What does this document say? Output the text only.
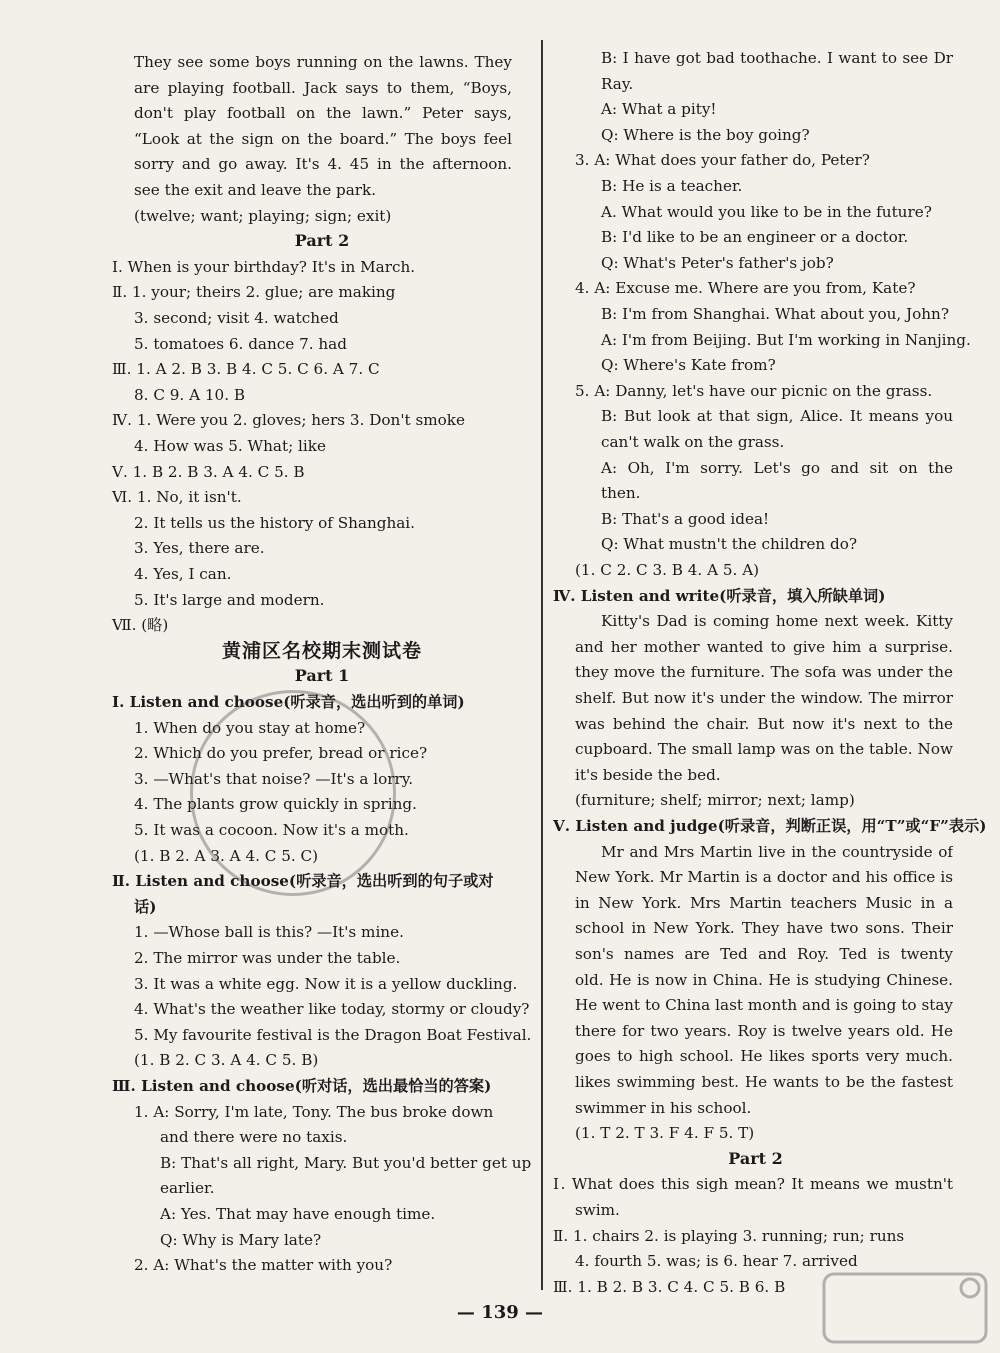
They see some boys running on the lawns. They
are playing football. Jack says to them, “Boys,
don't play football on the lawn.” Peter says,
“Look at the sign on the board.” The boys feel
sorry and go away. It's 4. 45 in the afternoon.
see the exit and leave the park.
(twelve; want; playing; sign; exit)
Part 2
Ⅰ. When is your birthday? It's in March.
Ⅱ. 1. your; theirs 2. glue; are making
3. second; visit 4. watched
5. tomatoes 6. dance 7. had
Ⅲ. 1. A 2. B 3. B 4. C 5. C 6. A 7. C
8. C 9. A 10. B
Ⅳ. 1. Were you 2. gloves; hers 3. Don't smoke
4. How was 5. What; like
Ⅴ. 1. B 2. B 3. A 4. C 5. B
Ⅵ. 1. No, it isn't.
2. It tells us the history of Shanghai.
3. Yes, there are.
4. Yes, I can.
5. It's large and modern.
Ⅶ. (略)
黄浦区名校期末测试卷
Part 1
Ⅰ. Listen and choose(听录音，选出听到的单词)
1. When do you stay at home?
2. Which do you prefer, bread or rice?
3. —What's that noise? —It's a lorry.
4. The plants grow quickly in spring.
5. It was a cocoon. Now it's a moth.
(1. B 2. A 3. A 4. C 5. C)
Ⅱ. Listen and choose(听录音，选出听到的句子或对
话)
1. —Whose ball is this? —It's mine.
2. The mirror was under the table.
3. It was a white egg. Now it is a yellow duckling.
4. What's the weather like today, stormy or cloudy?
5. My favourite festival is the Dragon Boat Festival.
(1. B 2. C 3. A 4. C 5. B)
Ⅲ. Listen and choose(听对话，选出最恰当的答案)
1. A: Sorry, I'm late, Tony. The bus broke down
and there were no taxis.
B: That's all right, Mary. But you'd better get up
earlier.
A: Yes. That may have enough time.
Q: Why is Mary late?
2. A: What's the matter with you?
B: I have got bad toothache. I want to see Dr
Ray.
A: What a pity!
Q: Where is the boy going?
3. A: What does your father do, Peter?
B: He is a teacher.
A. What would you like to be in the future?
B: I'd like to be an engineer or a doctor.
Q: What's Peter's father's job?
4. A: Excuse me. Where are you from, Kate?
B: I'm from Shanghai. What about you, John?
A: I'm from Beijing. But I'm working in Nanjing.
Q: Where's Kate from?
5. A: Danny, let's have our picnic on the grass.
B: But look at that sign, Alice. It means you
can't walk on the grass.
A: Oh, I'm sorry. Let's go and sit on the
then.
B: That's a good idea!
Q: What mustn't the children do?
(1. C 2. C 3. B 4. A 5. A)
Ⅳ. Listen and write(听录音，填入所缺单词)
Kitty's Dad is coming home next week. Kitty
and her mother wanted to give him a surprise.
they move the furniture. The sofa was under the
shelf. But now it's under the window. The mirror
was behind the chair. But now it's next to the
cupboard. The small lamp was on the table. Now
it's beside the bed.
(furniture; shelf; mirror; next; lamp)
Ⅴ. Listen and judge(听录音，判断正误，用“T”或“F”表示)
Mr and Mrs Martin live in the countryside of
New York. Mr Martin is a doctor and his office is
in New York. Mrs Martin teachers Music in a
school in New York. They have two sons. Their
son's names are Ted and Roy. Ted is twenty
old. He is now in China. He is studying Chinese.
He went to China last month and is going to stay
there for two years. Roy is twelve years old. He
goes to high school. He likes sports very much.
likes swimming best. He wants to be the fastest
swimmer in his school.
(1. T 2. T 3. F 4. F 5. T)
Part 2
Ⅰ. What does this sigh mean? It means we mustn't
swim.
Ⅱ. 1. chairs 2. is playing 3. running; run; runs
4. fourth 5. was; is 6. hear 7. arrived
Ⅲ. 1. B 2. B 3. C 4. C 5. B 6. B
— 139 —
